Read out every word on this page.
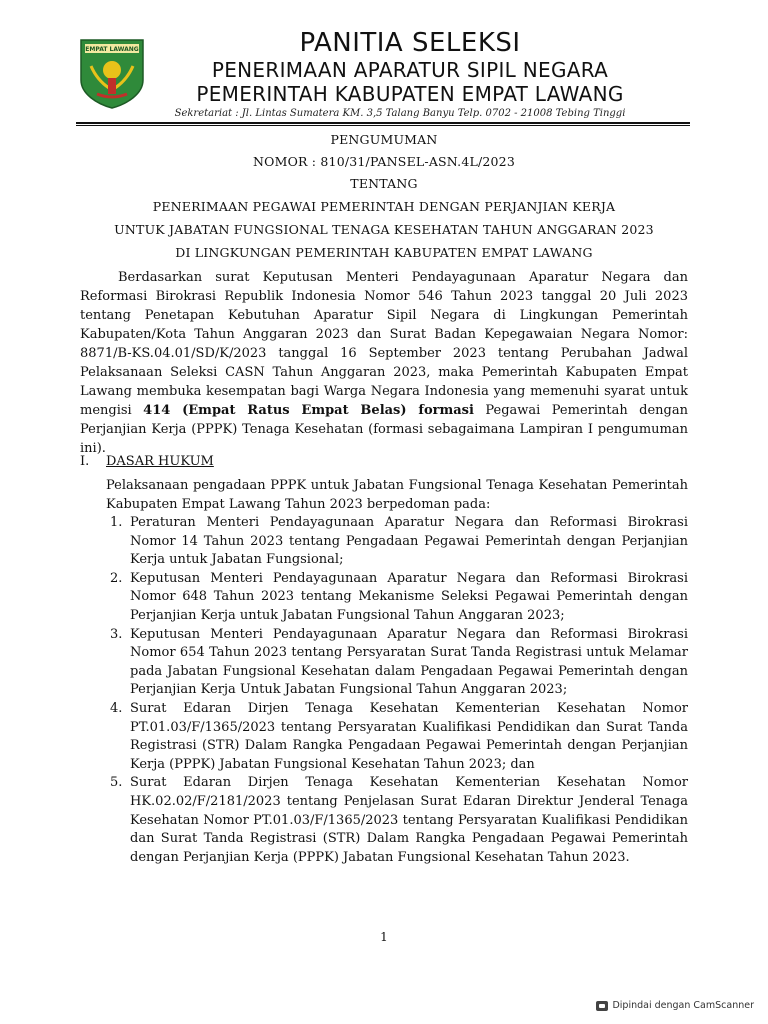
EMPAT LAWANG	PANITIA SELEKSI
PENERIMAAN APARATUR SIPIL NEGARA
PEMERINTAH KABUPATEN EMPAT LAWANG
Sekretariat : Jl. Lintas Sumatera KM. 3,5 Talang Banyu Telp. 0702 - 21008 Tebing Tinggi
PENGUMUMAN
NOMOR : 810/31/PANSEL-ASN.4L/2023
TENTANG
PENERIMAAN PEGAWAI PEMERINTAH DENGAN PERJANJIAN KERJA
UNTUK JABATAN FUNGSIONAL TENAGA KESEHATAN TAHUN ANGGARAN 2023
DI LINGKUNGAN PEMERINTAH KABUPATEN EMPAT LAWANG
Berdasarkan surat Keputusan Menteri Pendayagunaan Aparatur Negara dan Reformasi Birokrasi Republik Indonesia Nomor 546 Tahun 2023 tanggal 20 Juli 2023 tentang Penetapan Kebutuhan Aparatur Sipil Negara di Lingkungan Pemerintah Kabupaten/Kota Tahun Anggaran 2023 dan Surat Badan Kepegawaian Negara Nomor: 8871/B-KS.04.01/SD/K/2023 tanggal 16 September 2023 tentang Perubahan Jadwal Pelaksanaan Seleksi CASN Tahun Anggaran 2023, maka Pemerintah Kabupaten Empat Lawang membuka kesempatan bagi Warga Negara Indonesia yang memenuhi syarat untuk mengisi 414 (Empat Ratus Empat Belas) formasi Pegawai Pemerintah dengan Perjanjian Kerja (PPPK) Tenaga Kesehatan (formasi sebagaimana Lampiran I pengumuman ini).
I. DASAR HUKUM
Pelaksanaan pengadaan PPPK untuk Jabatan Fungsional Tenaga Kesehatan Pemerintah Kabupaten Empat Lawang Tahun 2023 berpedoman pada:
1. Peraturan Menteri Pendayagunaan Aparatur Negara dan Reformasi Birokrasi Nomor 14 Tahun 2023 tentang Pengadaan Pegawai Pemerintah dengan Perjanjian Kerja untuk Jabatan Fungsional;
2. Keputusan Menteri Pendayagunaan Aparatur Negara dan Reformasi Birokrasi Nomor 648 Tahun 2023 tentang Mekanisme Seleksi Pegawai Pemerintah dengan Perjanjian Kerja untuk Jabatan Fungsional Tahun Anggaran 2023;
3. Keputusan Menteri Pendayagunaan Aparatur Negara dan Reformasi Birokrasi Nomor 654 Tahun 2023 tentang Persyaratan Surat Tanda Registrasi untuk Melamar pada Jabatan Fungsional Kesehatan dalam Pengadaan Pegawai Pemerintah dengan Perjanjian Kerja Untuk Jabatan Fungsional Tahun Anggaran 2023;
4. Surat Edaran Dirjen Tenaga Kesehatan Kementerian Kesehatan Nomor PT.01.03/F/1365/2023 tentang Persyaratan Kualifikasi Pendidikan dan Surat Tanda Registrasi (STR) Dalam Rangka Pengadaan Pegawai Pemerintah dengan Perjanjian Kerja (PPPK) Jabatan Fungsional Kesehatan Tahun 2023; dan
5. Surat Edaran Dirjen Tenaga Kesehatan Kementerian Kesehatan Nomor HK.02.02/F/2181/2023 tentang Penjelasan Surat Edaran Direktur Jenderal Tenaga Kesehatan Nomor PT.01.03/F/1365/2023 tentang Persyaratan Kualifikasi Pendidikan dan Surat Tanda Registrasi (STR) Dalam Rangka Pengadaan Pegawai Pemerintah dengan Perjanjian Kerja (PPPK) Jabatan Fungsional Kesehatan Tahun 2023.
1
Dipindai dengan CamScanner
